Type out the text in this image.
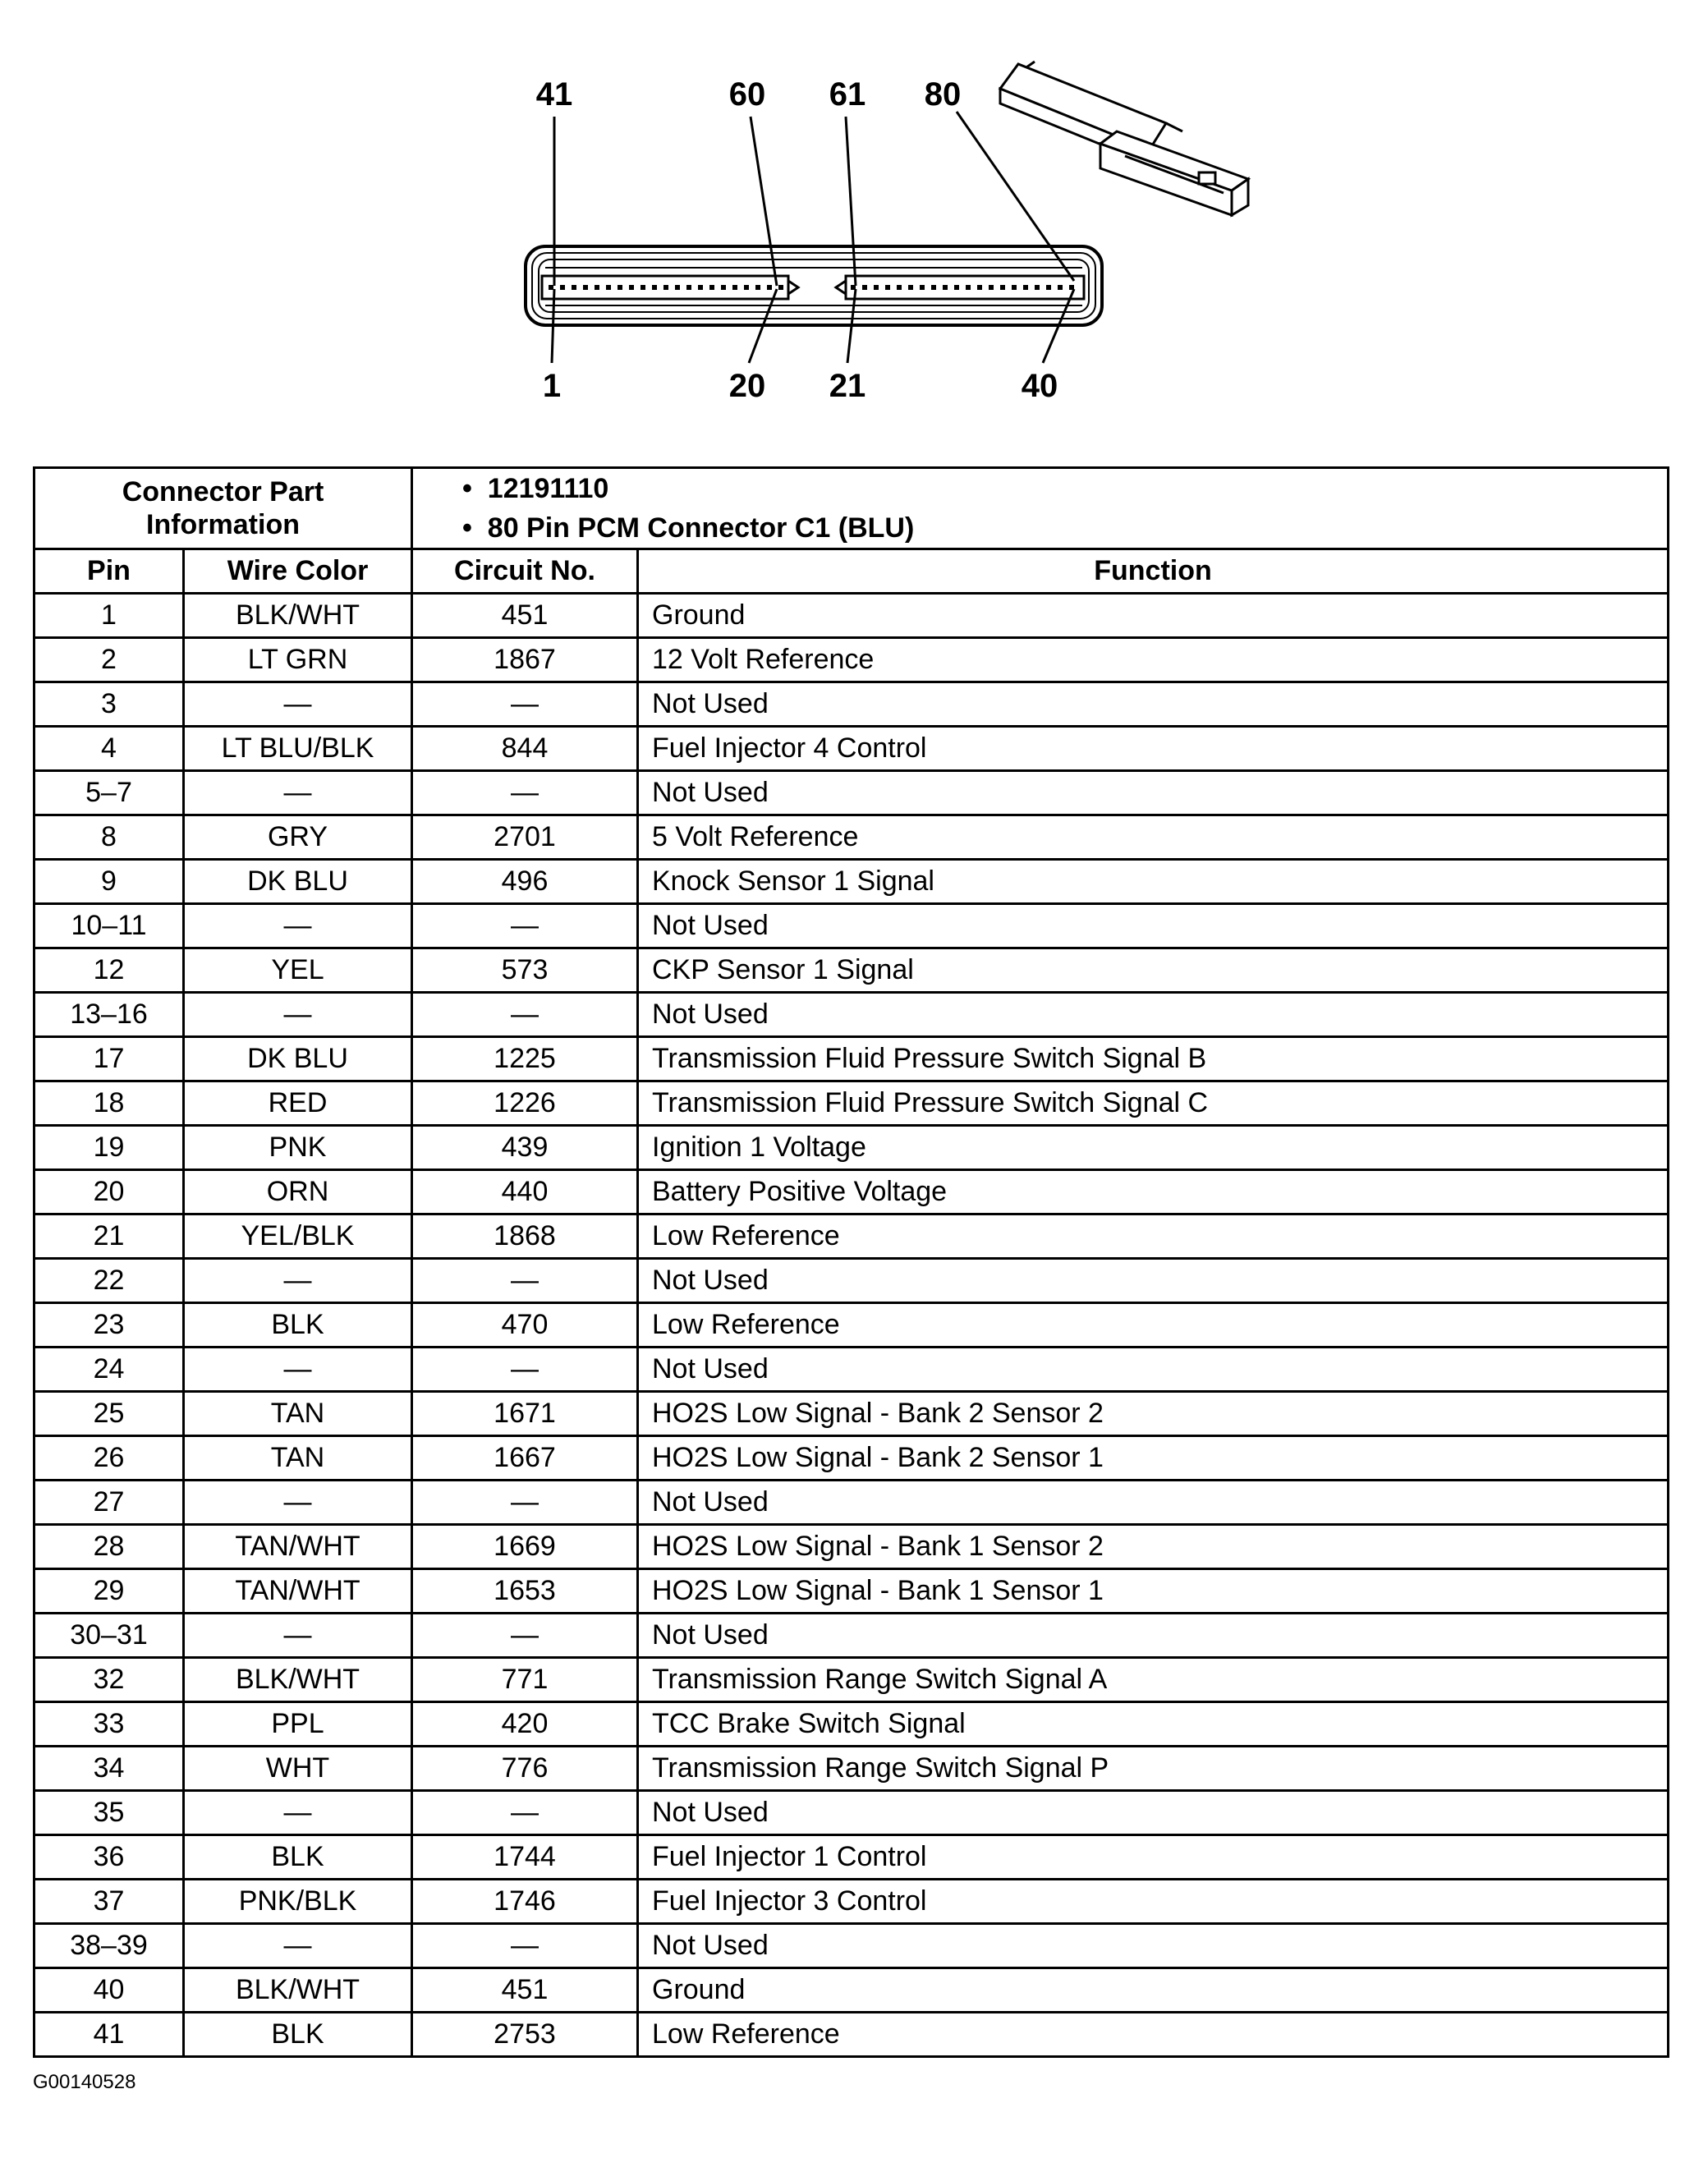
41	60 61 80
1	20 21	40
Connector Part Information		•  12191110
•  80 Pin PCM Connector C1 (BLU)

Pin	Wire Color	Circuit No.	Function
1	BLK/WHT	451	Ground
2	LT GRN	1867	12 Volt Reference
3	—	—	Not Used
4	LT BLU/BLK	844	Fuel Injector 4 Control
5–7	—	—	Not Used
8	GRY	2701	5 Volt Reference
9	DK BLU	496	Knock Sensor 1 Signal
10–11	—	—	Not Used
12	YEL	573	CKP Sensor 1 Signal
13–16	—	—	Not Used
17	DK BLU	1225	Transmission Fluid Pressure Switch Signal B
18	RED	1226	Transmission Fluid Pressure Switch Signal C
19	PNK	439	Ignition 1 Voltage
20	ORN	440	Battery Positive Voltage
21	YEL/BLK	1868	Low Reference
22	—	—	Not Used
23	BLK	470	Low Reference
24	—	—	Not Used
25	TAN	1671	HO2S Low Signal - Bank 2 Sensor 2
26	TAN	1667	HO2S Low Signal - Bank 2 Sensor 1
27	—	—	Not Used
28	TAN/WHT	1669	HO2S Low Signal - Bank 1 Sensor 2
29	TAN/WHT	1653	HO2S Low Signal - Bank 1 Sensor 1
30–31	—	—	Not Used
32	BLK/WHT	771	Transmission Range Switch Signal A
33	PPL	420	TCC Brake Switch Signal
34	WHT	776	Transmission Range Switch Signal P
35	—	—	Not Used
36	BLK	1744	Fuel Injector 1 Control
37	PNK/BLK	1746	Fuel Injector 3 Control
38–39	—	—	Not Used
40	BLK/WHT	451	Ground
41	BLK	2753	Low Reference
G00140528
